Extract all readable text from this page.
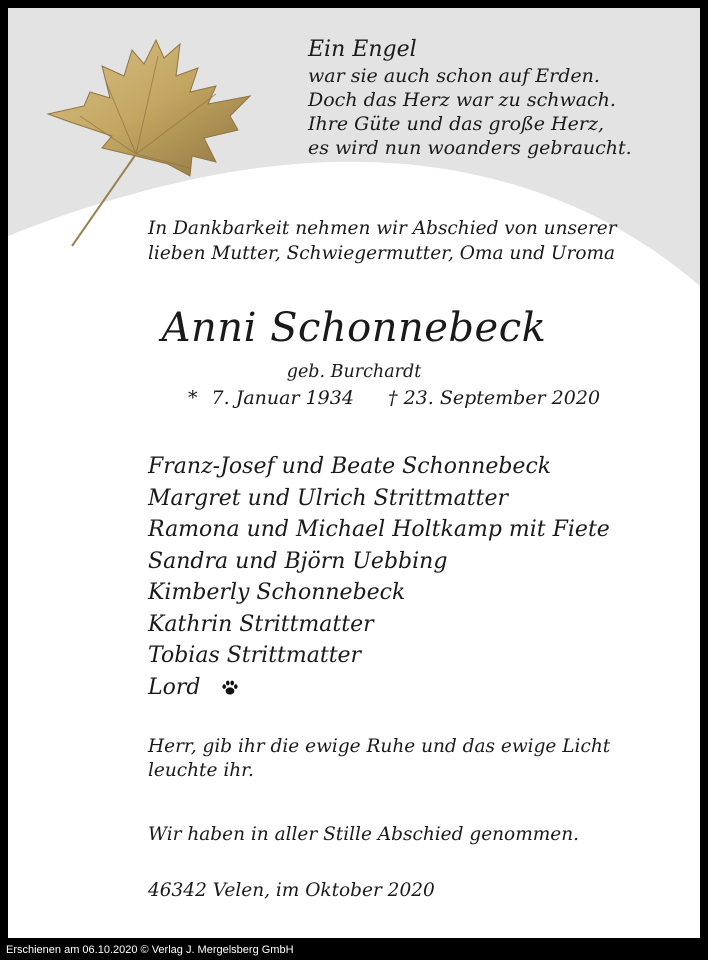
Ein Engel
war sie auch schon auf Erden.
Doch das Herz war zu schwach.
Ihre Güte und das große Herz,
es wird nun woanders gebraucht.
In Dankbarkeit nehmen wir Abschied von unserer
lieben Mutter, Schwiegermutter, Oma und Uroma
Anni Schonnebeck
geb. Burchardt
* 7. Januar 1934 † 23. September 2020
Franz-Josef und Beate Schonnebeck
Margret und Ulrich Strittmatter
Ramona und Michael Holtkamp mit Fiete
Sandra und Björn Uebbing
Kimberly Schonnebeck
Kathrin Strittmatter
Tobias Strittmatter
Lord
Herr, gib ihr die ewige Ruhe und das ewige Licht
leuchte ihr.
Wir haben in aller Stille Abschied genommen.
46342 Velen, im Oktober 2020
Erschienen am 06.10.2020 © Verlag J. Mergelsberg GmbH
